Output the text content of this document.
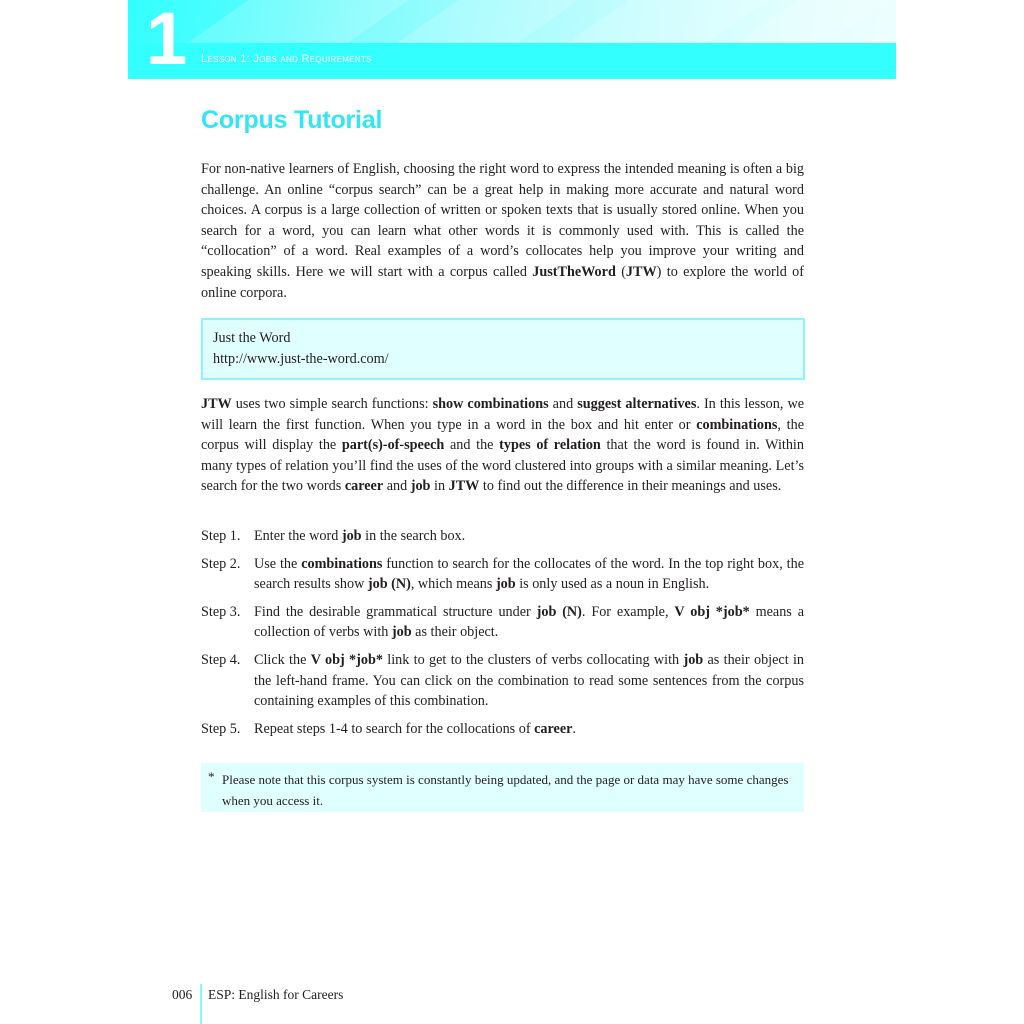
1 Lesson 1: Jobs and Requirements
Corpus Tutorial
For non-native learners of English, choosing the right word to express the intended meaning is often a big challenge. An online “corpus search” can be a great help in making more accurate and natural word choices. A corpus is a large collection of written or spoken texts that is usually stored online. When you search for a word, you can learn what other words it is commonly used with. This is called the “collocation” of a word. Real examples of a word’s collocates help you improve your writing and speaking skills. Here we will start with a corpus called JustTheWord (JTW) to explore the world of online corpora.
Just the Word
http://www.just-the-word.com/
JTW uses two simple search functions: show combinations and suggest alternatives. In this lesson, we will learn the first function. When you type in a word in the box and hit enter or combinations, the corpus will display the part(s)-of-speech and the types of relation that the word is found in. Within many types of relation you’ll find the uses of the word clustered into groups with a similar meaning. Let’s search for the two words career and job in JTW to find out the difference in their meanings and uses.
Step 1. Enter the word job in the search box.
Step 2. Use the combinations function to search for the collocates of the word. In the top right box, the search results show job (N), which means job is only used as a noun in English.
Step 3. Find the desirable grammatical structure under job (N). For example, V obj *job* means a collection of verbs with job as their object.
Step 4. Click the V obj *job* link to get to the clusters of verbs collocating with job as their object in the left-hand frame. You can click on the combination to read some sentences from the corpus containing examples of this combination.
Step 5. Repeat steps 1-4 to search for the collocations of career.
* Please note that this corpus system is constantly being updated, and the page or data may have some changes when you access it.
006 ESP: English for Careers
